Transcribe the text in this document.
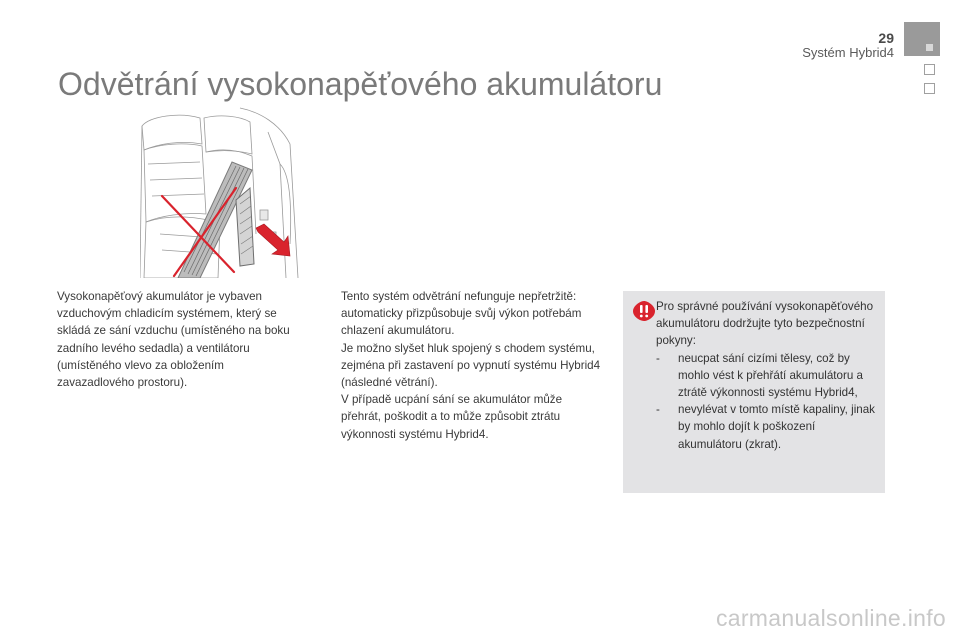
29
Systém Hybrid4
Odvětrání vysokonapěťového akumulátoru

Vysokonapěťový akumulátor je vybaven vzduchovým chladicím systémem, který se skládá ze sání vzduchu (umístěného na boku zadního levého sedadla) a ventilátoru (umístěného vlevo za obložením zavazadlového prostoru).

Tento systém odvětrání nefunguje nepřetržitě: automaticky přizpůsobuje svůj výkon potřebám chlazení akumulátoru.

Je možno slyšet hluk spojený s chodem systému, zejména při zastavení po vypnutí systému Hybrid4 (následné větrání).

V případě ucpání sání se akumulátor může přehrát, poškodit a to může způsobit ztrátu výkonnosti systému Hybrid4.

Pro správné používání vysokonapěťového akumulátoru dodržujte tyto bezpečnostní pokyny:

- neucpat sání cizími tělesy, což by mohlo vést k přehřátí akumulátoru a ztrátě výkonnosti systému Hybrid4,
- nevylévat v tomto místě kapaliny, jinak by mohlo dojít k poškození akumulátoru (zkrat).
carmanualsonline.info
